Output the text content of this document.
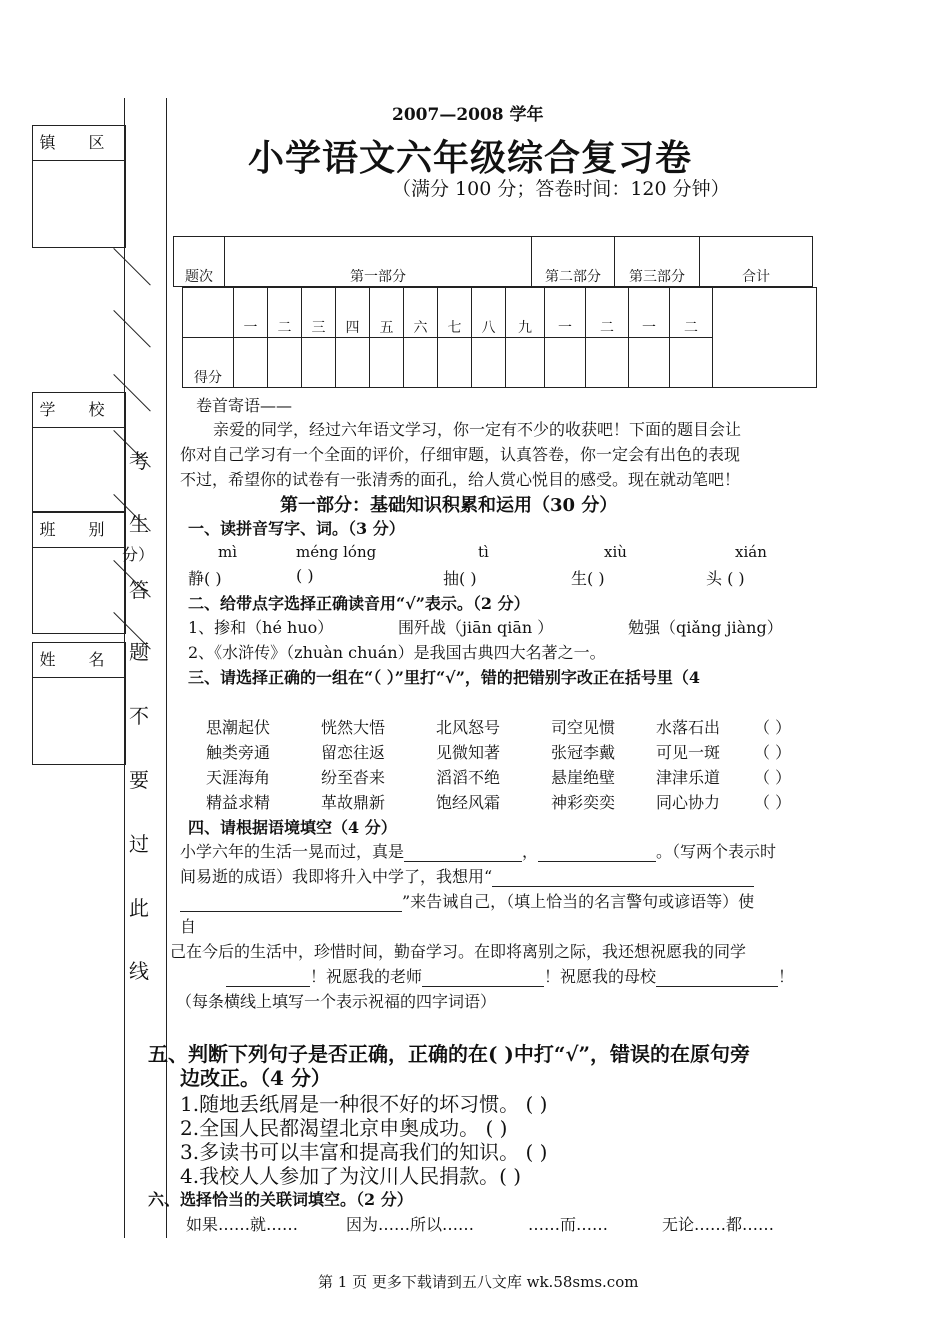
镇 区
学 校
班 别
姓 名
考
生
分）
答
题
不
要
过
此
线
2007—2008 学年
小学语文六年级综合复习卷
（满分 100 分；答卷时间：120 分钟）
题次	第一部分	第二部分	第三部分	合计
	一	二	三	四	五	六	七	八	九	一	二	一	二	
得分														
卷首寄语——
亲爱的同学，经过六年语文学习，你一定有不少的收获吧！下面的题目会让
你对自己学习有一个全面的评价，仔细审题，认真答卷，你一定会有出色的表现
不过，希望你的试卷有一张清秀的面孔，给人赏心悦目的感受。现在就动笔吧！
第一部分：基础知识积累和运用（30 分）
一、读拼音写字、词。（3 分）
mì	méng lóng	tì	xiù	xián
静( )	( )	抽( )	生( )	头 ( )
二、给带点字选择正确读音用“√”表示。（2 分）
1、掺和（hé huo）	围歼战（jiān qiān ）	勉强（qiǎng jiàng）
2、《水浒传》（zhuàn chuán）是我国古典四大名著之一。
三、请选择正确的一组在“（ ）”里打“√”，错的把错别字改正在括号里（4
思潮起伏	恍然大悟	北风怒号	司空见惯	水落石出 （ ）
触类旁通	留恋往返	见微知著	张冠李戴	可见一斑 （ ）
天涯海角	纷至沓来	滔滔不绝	悬崖绝壁	津津乐道 （ ）
精益求精	革故鼎新	饱经风霜	神彩奕奕	同心协力 （ ）
四、请根据语境填空（4 分）
小学六年的生活一晃而过，真是	，	。（写两个表示时
间易逝的成语）我即将升入中学了，我想用“
”来告诫自己，（填上恰当的名言警句或谚语等）使
自
己在今后的生活中，珍惜时间，勤奋学习。在即将离别之际，我还想祝愿我的同学
！祝愿我的老师	！祝愿我的母校	！
（每条横线上填写一个表示祝福的四字词语）
五、判断下列句子是否正确，正确的在( )中打“√”，错误的在原句旁
边改正。（4 分）
1.随地丢纸屑是一种很不好的坏习惯。 ( )
2.全国人民都渴望北京申奥成功。 ( )
3.多读书可以丰富和提高我们的知识。 ( )
4.我校人人参加了为汶川人民捐款。( )
六、选择恰当的关联词填空。（2 分）
如果……就……	因为……所以……	……而……	无论……都……
第 1 页 更多下载请到五八文库 wk.58sms.com
